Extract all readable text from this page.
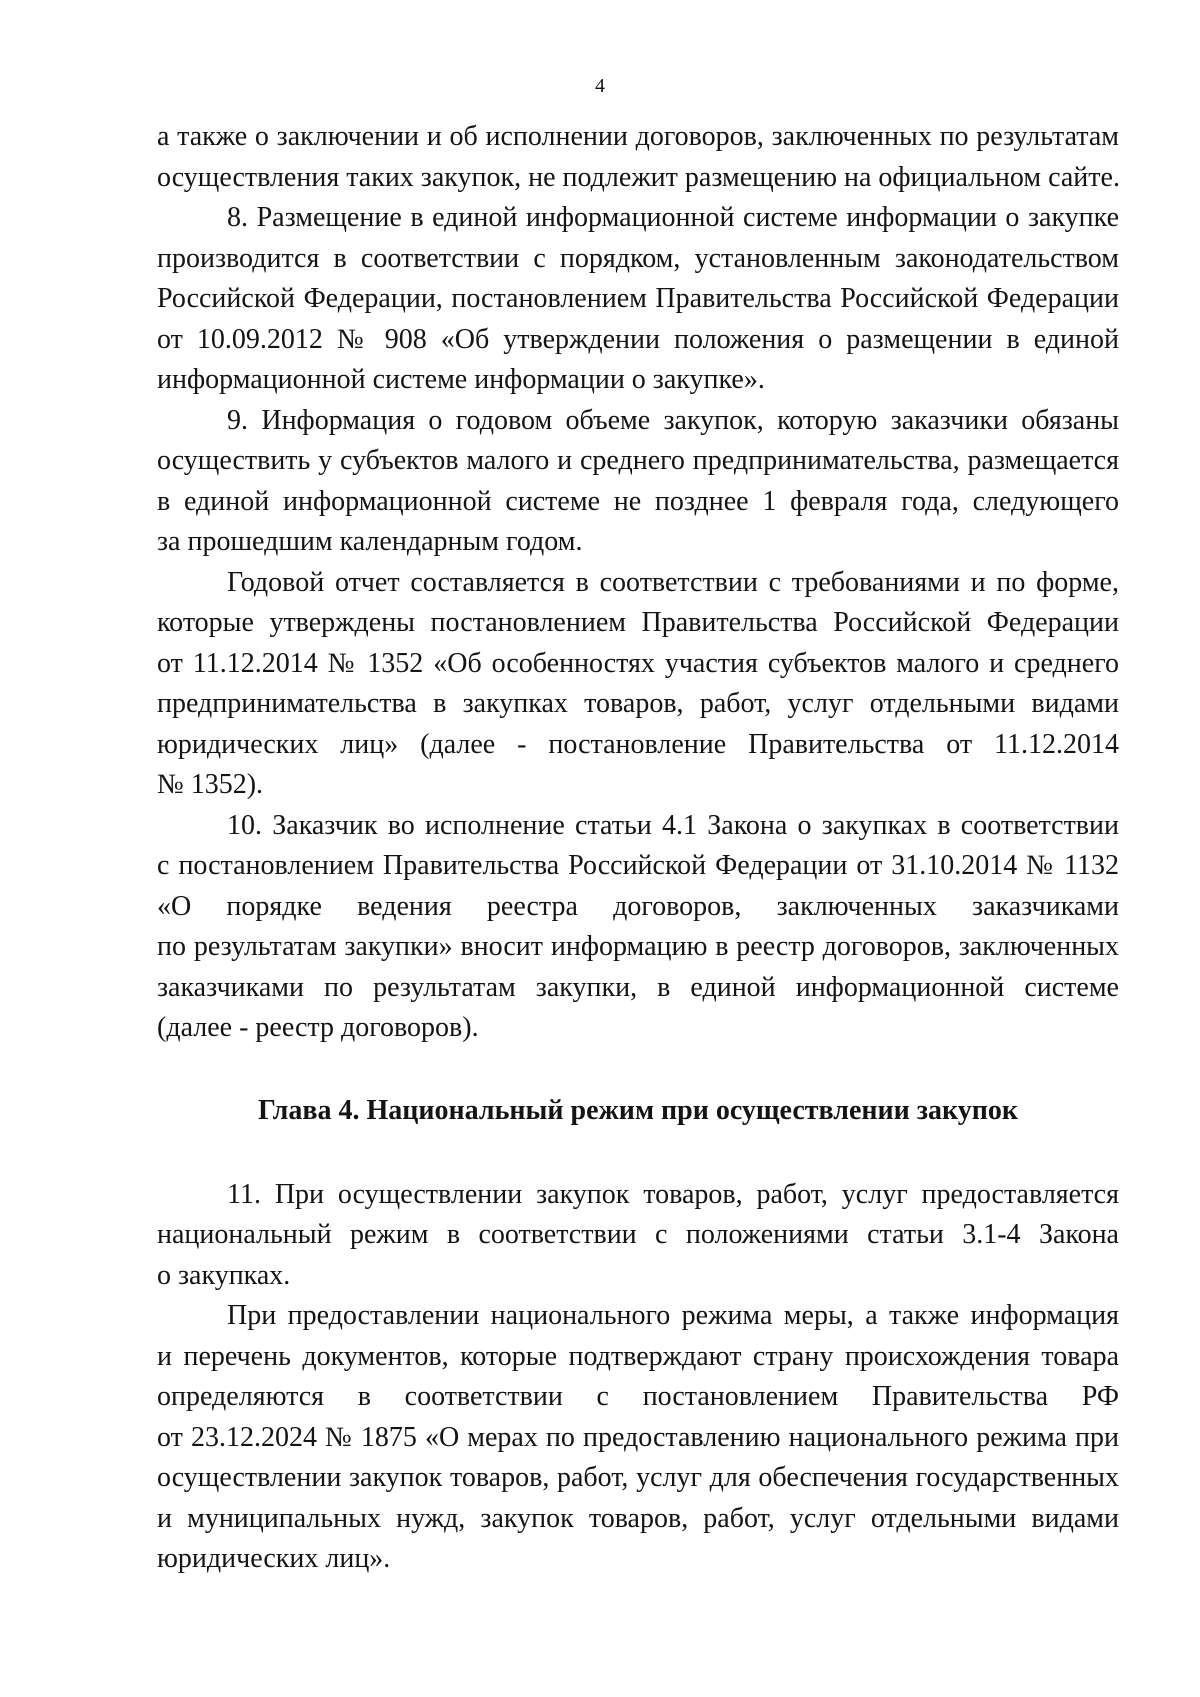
4

а также о заключении и об исполнении договоров, заключенных по результатам
осуществления таких закупок, не подлежит размещению на официальном сайте.

8. Размещение в единой информационной системе информации о закупке
производится в соответствии с порядком, установленным законодательством
Российской Федерации, постановлением Правительства Российской Федерации
от 10.09.2012 № 908 «Об утверждении положения о размещении в единой
информационной системе информации о закупке».

9. Информация о годовом объеме закупок, которую заказчики обязаны
осуществить у субъектов малого и среднего предпринимательства, размещается
в единой информационной системе не позднее 1 февраля года, следующего
за прошедшим календарным годом.

Годовой отчет составляется в соответствии с требованиями и по форме,
которые утверждены постановлением Правительства Российской Федерации
от 11.12.2014 № 1352 «Об особенностях участия субъектов малого и среднего
предпринимательства в закупках товаров, работ, услуг отдельными видами
юридических лиц» (далее - постановление Правительства от 11.12.2014
№ 1352).

10. Заказчик во исполнение статьи 4.1 Закона о закупках в соответствии
с постановлением Правительства Российской Федерации от 31.10.2014 № 1132
«О порядке ведения реестра договоров, заключенных заказчиками
по результатам закупки» вносит информацию в реестр договоров, заключенных
заказчиками по результатам закупки, в единой информационной системе
(далее - реестр договоров).

Глава 4. Национальный режим при осуществлении закупок

11. При осуществлении закупок товаров, работ, услуг предоставляется
национальный режим в соответствии с положениями статьи 3.1-4 Закона
о закупках.

При предоставлении национального режима меры, а также информация
и перечень документов, которые подтверждают страну происхождения товара
определяются в соответствии с постановлением Правительства РФ
от 23.12.2024 № 1875 «О мерах по предоставлению национального режима при
осуществлении закупок товаров, работ, услуг для обеспечения государственных
и муниципальных нужд, закупок товаров, работ, услуг отдельными видами
юридических лиц».
